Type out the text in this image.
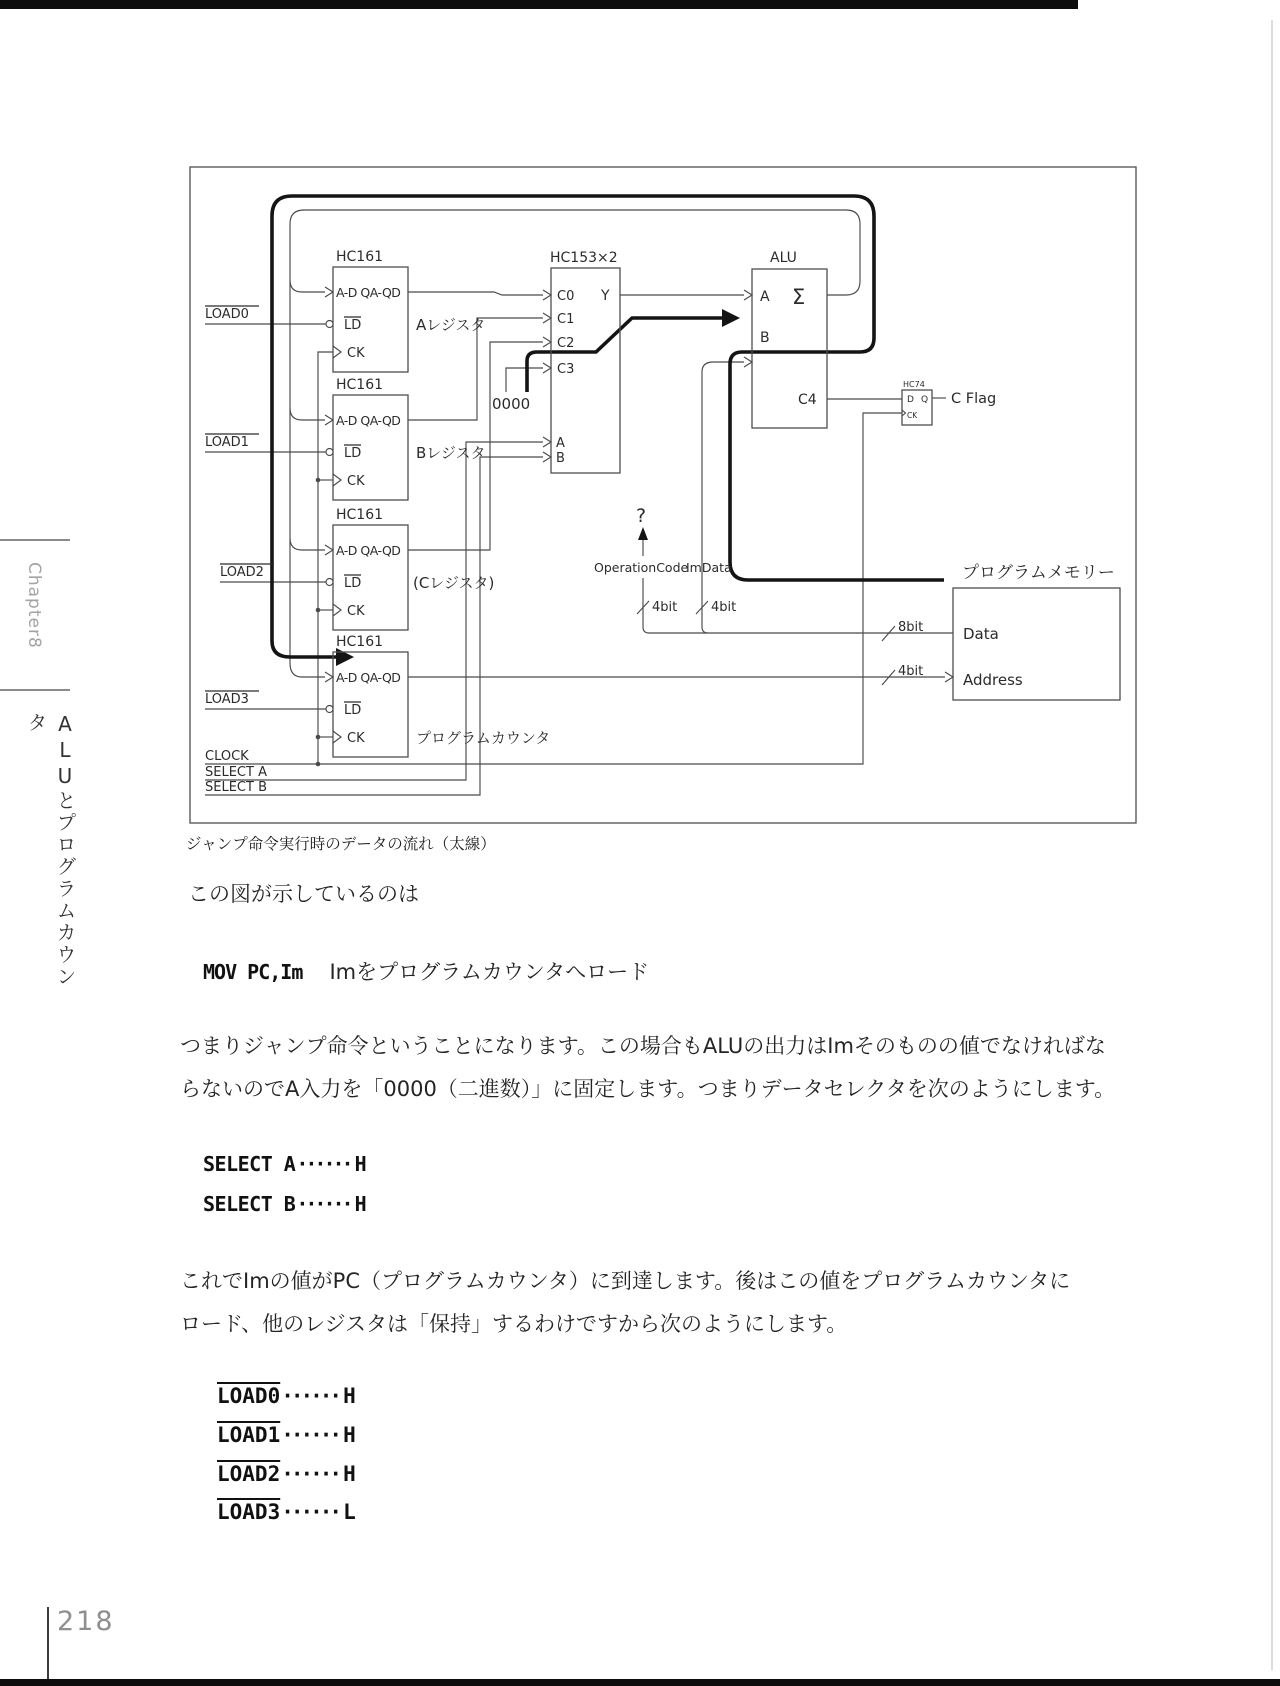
Chapter8
ALUとプログラムカウンタ
HC161
A-D QA-QD
LD
CK
Aレジスタ
LOAD0
HC161
A-D QA-QD
LD
CK
Bレジスタ
LOAD1
HC161
A-D QA-QD
LD
CK
(Cレジスタ)
LOAD2
HC161
A-D QA-QD
LD
CK	プログラムカウンタ
LOAD3
HC153×2
C0
C1
C2
C3
Y
A
B
ALU
A Σ
B
C4
HC74
D Q
CK
C Flag
プログラムメモリー
Data
Address
4bit	4bit
8bit
4bit
0000
OperationCode
ImData
?
CLOCK
SELECT A
SELECT B
ジャンプ命令実行時のデータの流れ（太線）
この図が示しているのは
MOV PC,Im Imをプログラムカウンタへロード
つまりジャンプ命令ということになります。この場合もALUの出力はImそのものの値でなければな
らないのでA入力を「0000（二進数）」に固定します。つまりデータセレクタを次のようにします。
SELECT A······ H
SELECT B······ H
これでImの値がPC（プログラムカウンタ）に到達します。後はこの値をプログラムカウンタに
ロード、他のレジスタは「保持」するわけですから次のようにします。
LOAD0······ H
LOAD1······ H
LOAD2······ H
LOAD3······ L
218
